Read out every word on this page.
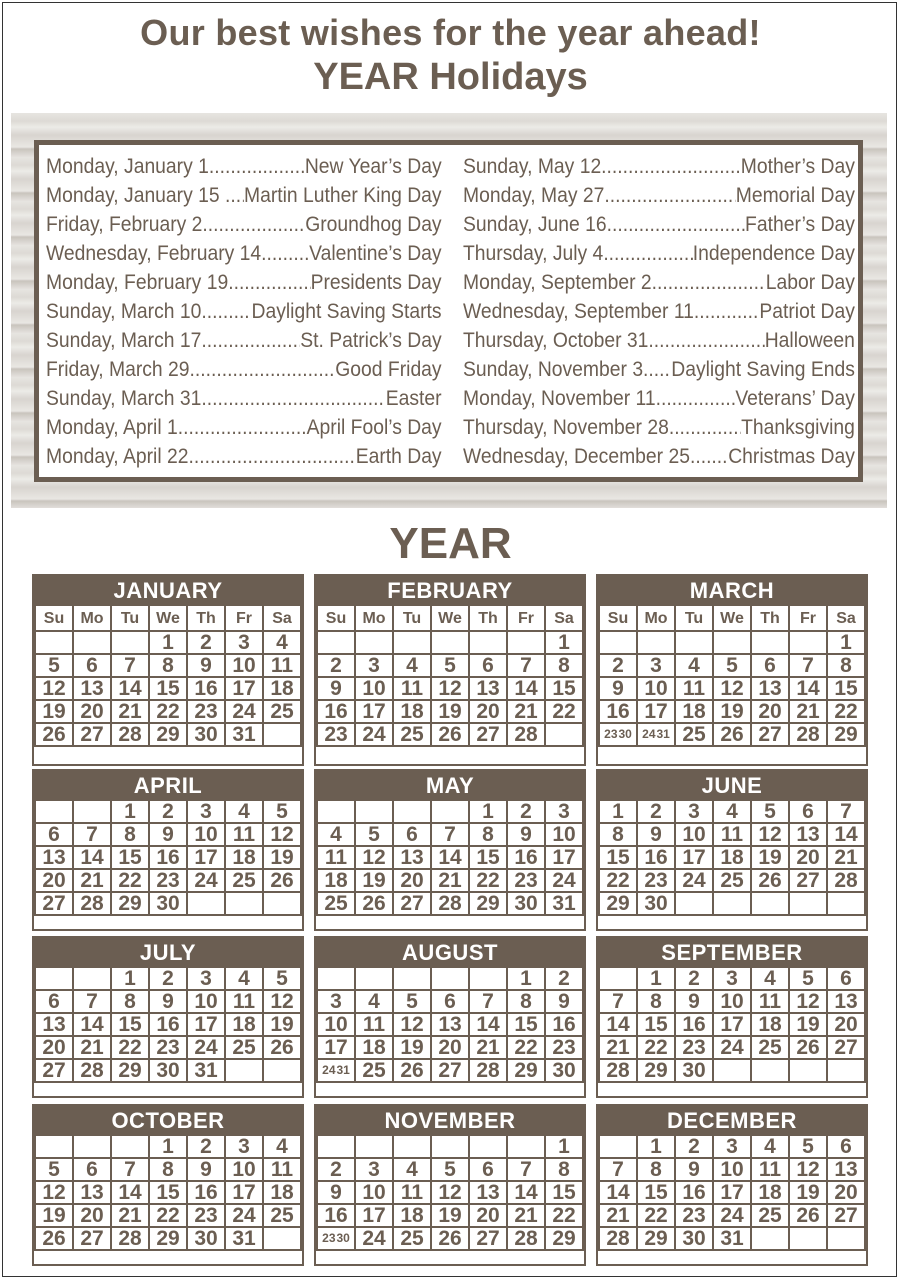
Our best wishes for the year ahead!
YEAR Holidays
Monday, January 1 .....	New Year’s Day
Monday, January 15 .. ..... Martin Luther King Day
Friday, February 2 .....	Groundhog Day
Wednesday, February 14 ..... Valentine’s Day
Monday, February 19 .....	Presidents Day
Sunday, March 10 ..... Daylight Saving Starts
Sunday, March 17 .....	St. Patrick’s Day
Friday, March 29 .....	Good Friday
Sunday, March 31 .....	Easter
Monday, April 1 .....	April Fool’s Day
Monday, April 22 .....	Earth Day
Sunday, May 12 .....	Mother’s Day
Monday, May 27 .....	Memorial Day
Sunday, June 16 .....	Father’s Day
Thursday, July 4 .....	Independence Day
Monday, September 2 .....	Labor Day
Wednesday, September 11 .....	Patriot Day
Thursday, October 31 .....	Halloween
Sunday, November 3 ..... Daylight Saving Ends
Monday, November 11 .....	Veterans’ Day
Thursday, November 28 .....	Thanksgiving
Wednesday, December 25. ..... Christmas Day
YEAR
JANUARY
Su	Mo	Tu	We	Th	Fr	Sa
			1	2	3	4
5	6	7	8	9	10	11
12	13	14	15	16	17	18
19	20	21	22	23	24	25
26	27	28	29	30	31	
FEBRUARY
Su	Mo	Tu	We	Th	Fr	Sa
						1
2	3	4	5	6	7	8
9	10	11	12	13	14	15
16	17	18	19	20	21	22
23	24	25	26	27	28	
MARCH
Su	Mo	Tu	We	Th	Fr	Sa
						1
2	3	4	5	6	7	8
9	10	11	12	13	14	15
16	17	18	19	20	21	22
$^{23}$30	$^{24}$31	25	26	27	28	29
APRIL
		1	2	3	4	5
6	7	8	9	10	11	12
13	14	15	16	17	18	19
20	21	22	23	24	25	26
27	28	29	30			
MAY
				1	2	3
4	5	6	7	8	9	10
11	12	13	14	15	16	17
18	19	20	21	22	23	24
25	26	27	28	29	30	31
JUNE
1	2	3	4	5	6	7
8	9	10	11	12	13	14
15	16	17	18	19	20	21
22	23	24	25	26	27	28
29	30					
JULY
		1	2	3	4	5
6	7	8	9	10	11	12
13	14	15	16	17	18	19
20	21	22	23	24	25	26
27	28	29	30	31		
AUGUST
					1	2
3	4	5	6	7	8	9
10	11	12	13	14	15	16
17	18	19	20	21	22	23
$^{24}$31	25	26	27	28	29	30
SEPTEMBER
	1	2	3	4	5	6
7	8	9	10	11	12	13
14	15	16	17	18	19	20
21	22	23	24	25	26	27
28	29	30				
OCTOBER
			1	2	3	4
5	6	7	8	9	10	11
12	13	14	15	16	17	18
19	20	21	22	23	24	25
26	27	28	29	30	31	
NOVEMBER
						1
2	3	4	5	6	7	8
9	10	11	12	13	14	15
16	17	18	19	20	21	22
$^{23}$30	24	25	26	27	28	29
DECEMBER
	1	2	3	4	5	6
7	8	9	10	11	12	13
14	15	16	17	18	19	20
21	22	23	24	25	26	27
28	29	30	31			
